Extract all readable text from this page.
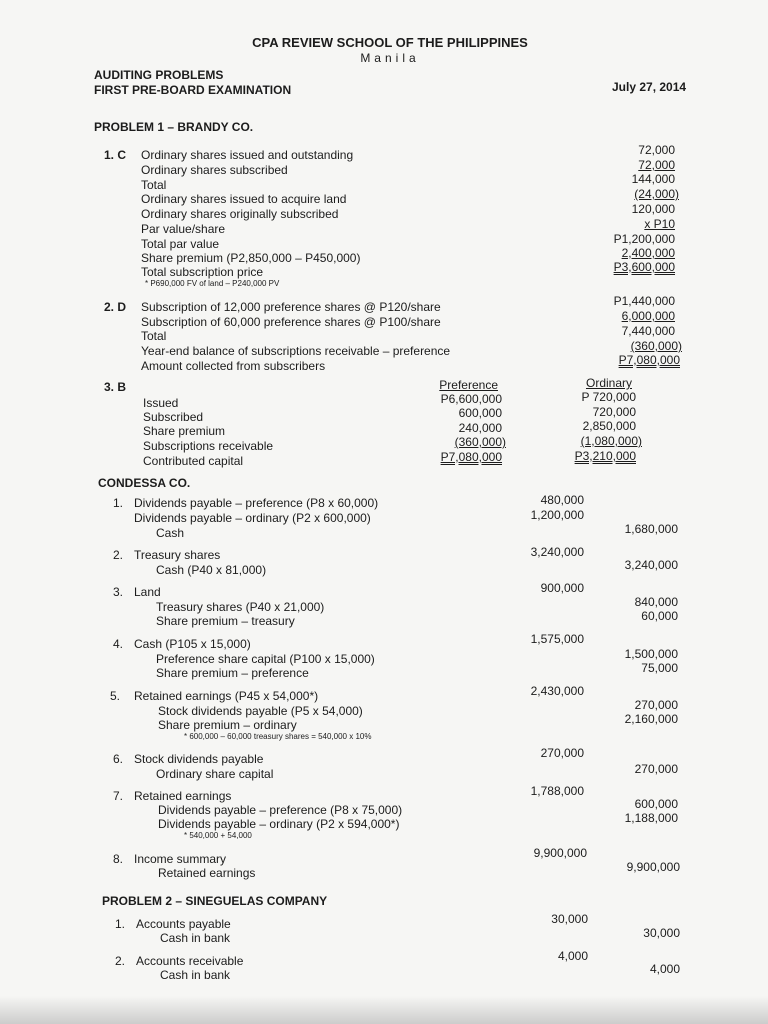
CPA REVIEW SCHOOL OF THE PHILIPPINES
Manila
AUDITING PROBLEMS
FIRST PRE-BOARD EXAMINATION	July 27, 2014
PROBLEM 1 – BRANDY CO.
1. C Ordinary shares issued and outstanding	72,000
Ordinary shares subscribed	72,000
Total	144,000
Ordinary shares issued to acquire land	(24,000)
Ordinary shares originally subscribed	120,000
Par value/share	x P10
Total par value	P1,200,000
Share premium (P2,850,000 – P450,000)	2,400,000
Total subscription price	P3,600,000
* P690,000 FV of land – P240,000 PV
2. D Subscription of 12,000 preference shares @ P120/share	P1,440,000
Subscription of 60,000 preference shares @ P100/share	6,000,000
Total	7,440,000
Year-end balance of subscriptions receivable – preference	(360,000)
Amount collected from subscribers	P7,080,000
3. B	Preference	Ordinary
Issued	P6,600,000	P 720,000
Subscribed	600,000	720,000
Share premium	240,000	2,850,000
Subscriptions receivable	(360,000)	(1,080,000)
Contributed capital	P7,080,000	P3,210,000
CONDESSA CO.
1. Dividends payable – preference (P8 x 60,000)	480,000
Dividends payable – ordinary (P2 x 600,000)	1,200,000
Cash	1,680,000
2. Treasury shares	3,240,000
Cash (P40 x 81,000)	3,240,000
3. Land	900,000
Treasury shares (P40 x 21,000)	840,000
Share premium – treasury	60,000
4. Cash (P105 x 15,000)	1,575,000
Preference share capital (P100 x 15,000)	1,500,000
Share premium – preference	75,000
5. Retained earnings (P45 x 54,000*)	2,430,000
Stock dividends payable (P5 x 54,000)	270,000
Share premium – ordinary	2,160,000
* 600,000 – 60,000 treasury shares = 540,000 x 10%
6. Stock dividends payable	270,000
Ordinary share capital	270,000
7. Retained earnings	1,788,000
Dividends payable – preference (P8 x 75,000)	600,000
Dividends payable – ordinary (P2 x 594,000*)	1,188,000
* 540,000 + 54,000
8. Income summary	9,900,000
Retained earnings	9,900,000
PROBLEM 2 – SINEGUELAS COMPANY
1. Accounts payable	30,000
Cash in bank	30,000
2. Accounts receivable	4,000
Cash in bank	4,000
